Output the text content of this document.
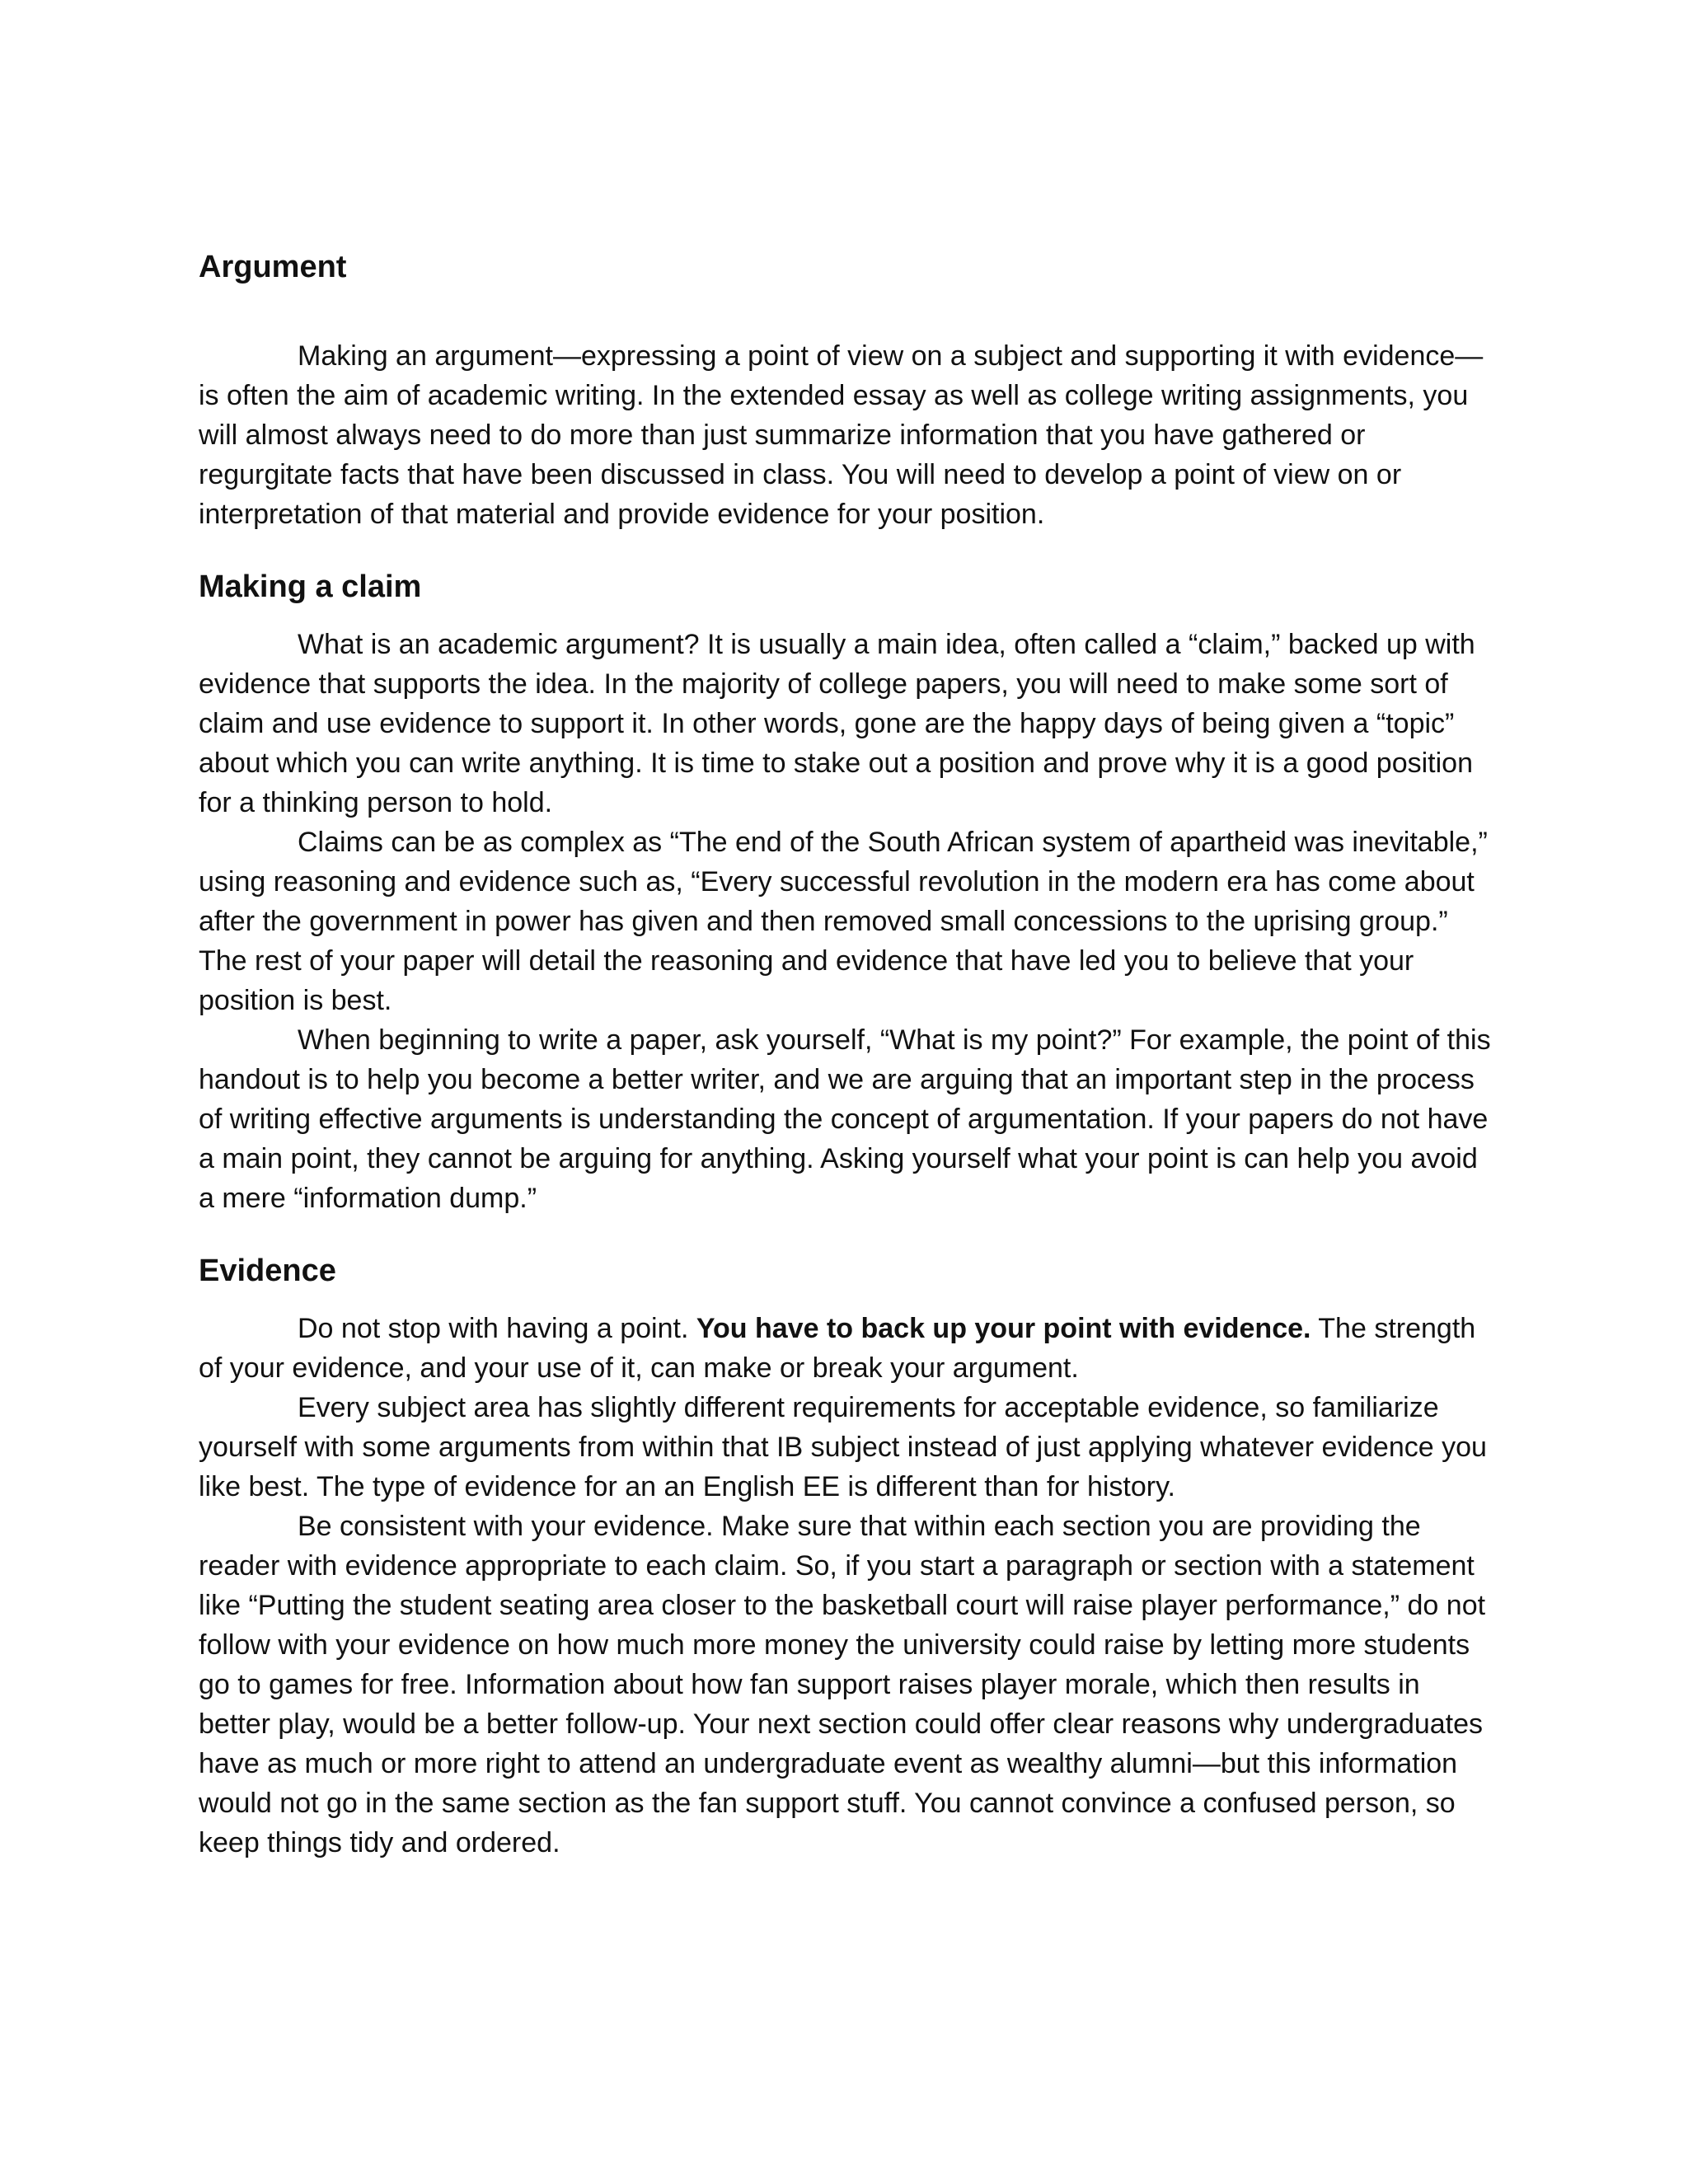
Argument

Making an argument—expressing a point of view on a subject and supporting it with evidence—is often the aim of academic writing. In the extended essay as well as college writing assignments, you will almost always need to do more than just summarize information that you have gathered or regurgitate facts that have been discussed in class. You will need to develop a point of view on or interpretation of that material and provide evidence for your position.

Making a claim

What is an academic argument? It is usually a main idea, often called a “claim,” backed up with evidence that supports the idea. In the majority of college papers, you will need to make some sort of claim and use evidence to support it. In other words, gone are the happy days of being given a “topic” about which you can write anything. It is time to stake out a position and prove why it is a good position for a thinking person to hold.

Claims can be as complex as “The end of the South African system of apartheid was inevitable,” using reasoning and evidence such as, “Every successful revolution in the modern era has come about after the government in power has given and then removed small concessions to the uprising group.” The rest of your paper will detail the reasoning and evidence that have led you to believe that your position is best.

When beginning to write a paper, ask yourself, “What is my point?” For example, the point of this handout is to help you become a better writer, and we are arguing that an important step in the process of writing effective arguments is understanding the concept of argumentation. If your papers do not have a main point, they cannot be arguing for anything. Asking yourself what your point is can help you avoid a mere “information dump.”

Evidence

Do not stop with having a point. You have to back up your point with evidence. The strength of your evidence, and your use of it, can make or break your argument.

Every subject area has slightly different requirements for acceptable evidence, so familiarize yourself with some arguments from within that IB subject instead of just applying whatever evidence you like best. The type of evidence for an an English EE is different than for history.

Be consistent with your evidence. Make sure that within each section you are providing the reader with evidence appropriate to each claim. So, if you start a paragraph or section with a statement like “Putting the student seating area closer to the basketball court will raise player performance,” do not follow with your evidence on how much more money the university could raise by letting more students go to games for free. Information about how fan support raises player morale, which then results in better play, would be a better follow-up. Your next section could offer clear reasons why undergraduates have as much or more right to attend an undergraduate event as wealthy alumni—but this information would not go in the same section as the fan support stuff. You cannot convince a confused person, so keep things tidy and ordered.
